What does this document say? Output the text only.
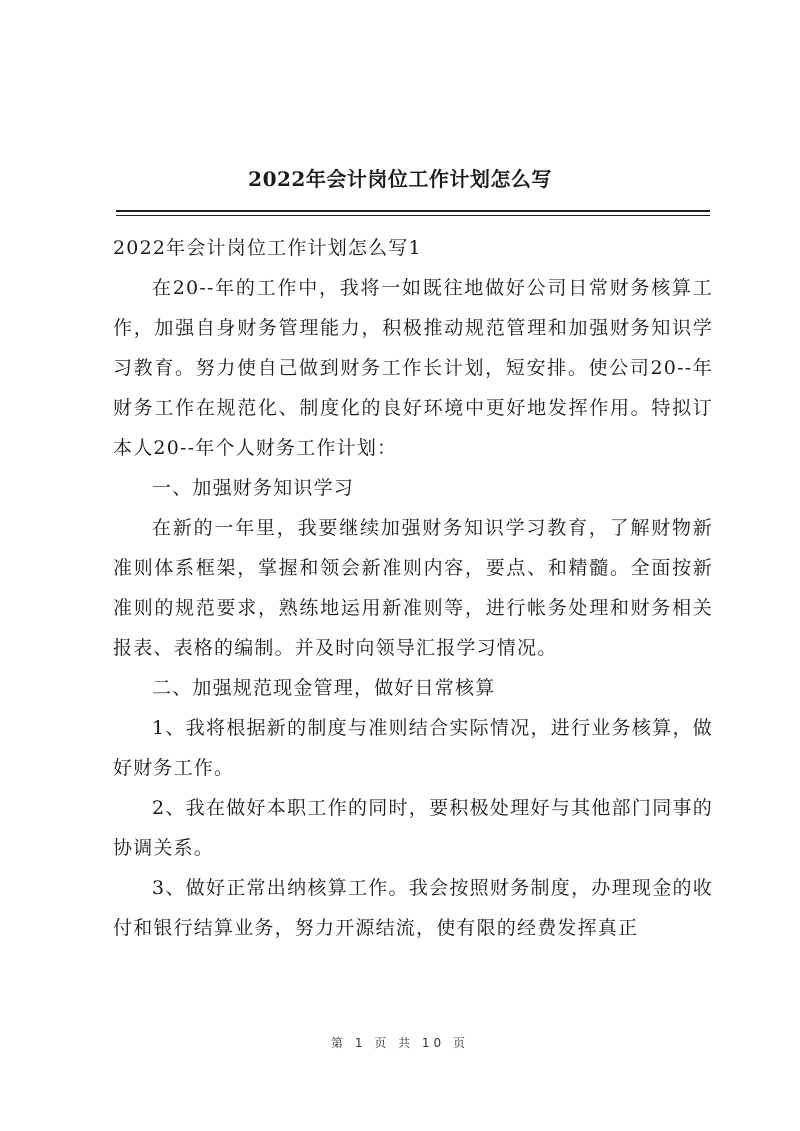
2022年会计岗位工作计划怎么写

2022年会计岗位工作计划怎么写1

在20--年的工作中，我将一如既往地做好公司日常财务核算工作，加强自身财务管理能力，积极推动规范管理和加强财务知识学习教育。努力使自己做到财务工作长计划，短安排。使公司20--年财务工作在规范化、制度化的良好环境中更好地发挥作用。特拟订本人20--年个人财务工作计划：

一、加强财务知识学习

在新的一年里，我要继续加强财务知识学习教育，了解财物新准则体系框架，掌握和领会新准则内容，要点、和精髓。全面按新准则的规范要求，熟练地运用新准则等，进行帐务处理和财务相关报表、表格的编制。并及时向领导汇报学习情况。

二、加强规范现金管理，做好日常核算

1、我将根据新的制度与准则结合实际情况，进行业务核算，做好财务工作。

2、我在做好本职工作的同时，要积极处理好与其他部门同事的协调关系。

3、做好正常出纳核算工作。我会按照财务制度，办理现金的收付和银行结算业务，努力开源结流，使有限的经费发挥真正

第 1 页 共 10 页
